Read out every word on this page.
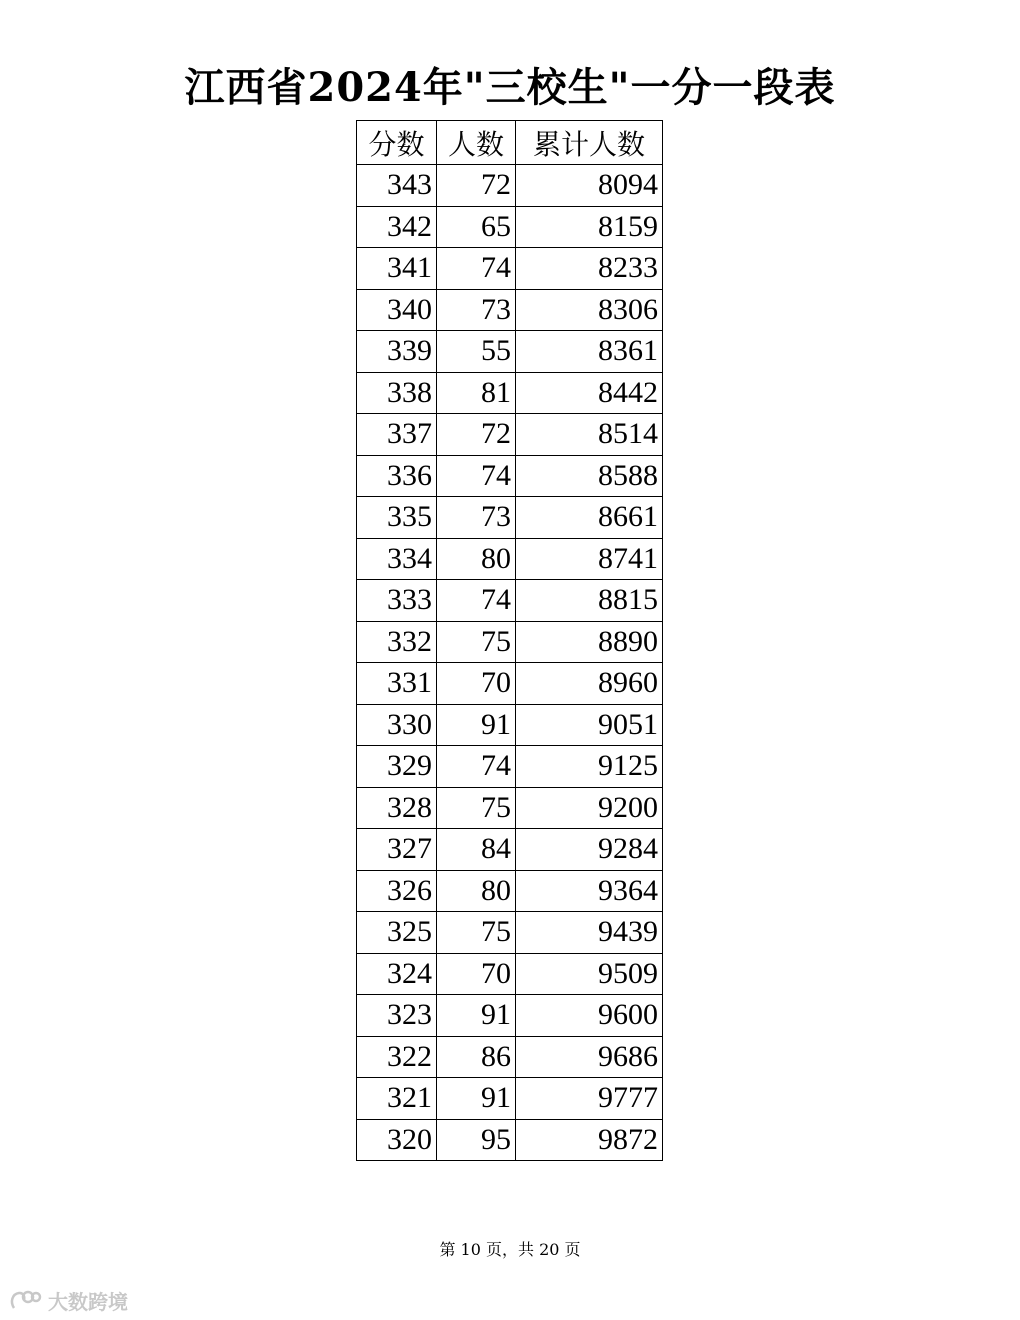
江西省2024年"三校生"一分一段表
分数	人数	累计人数
343	72	8094
342	65	8159
341	74	8233
340	73	8306
339	55	8361
338	81	8442
337	72	8514
336	74	8588
335	73	8661
334	80	8741
333	74	8815
332	75	8890
331	70	8960
330	91	9051
329	74	9125
328	75	9200
327	84	9284
326	80	9364
325	75	9439
324	70	9509
323	91	9600
322	86	9686
321	91	9777
320	95	9872
第 10 页，共 20 页
大数跨境
